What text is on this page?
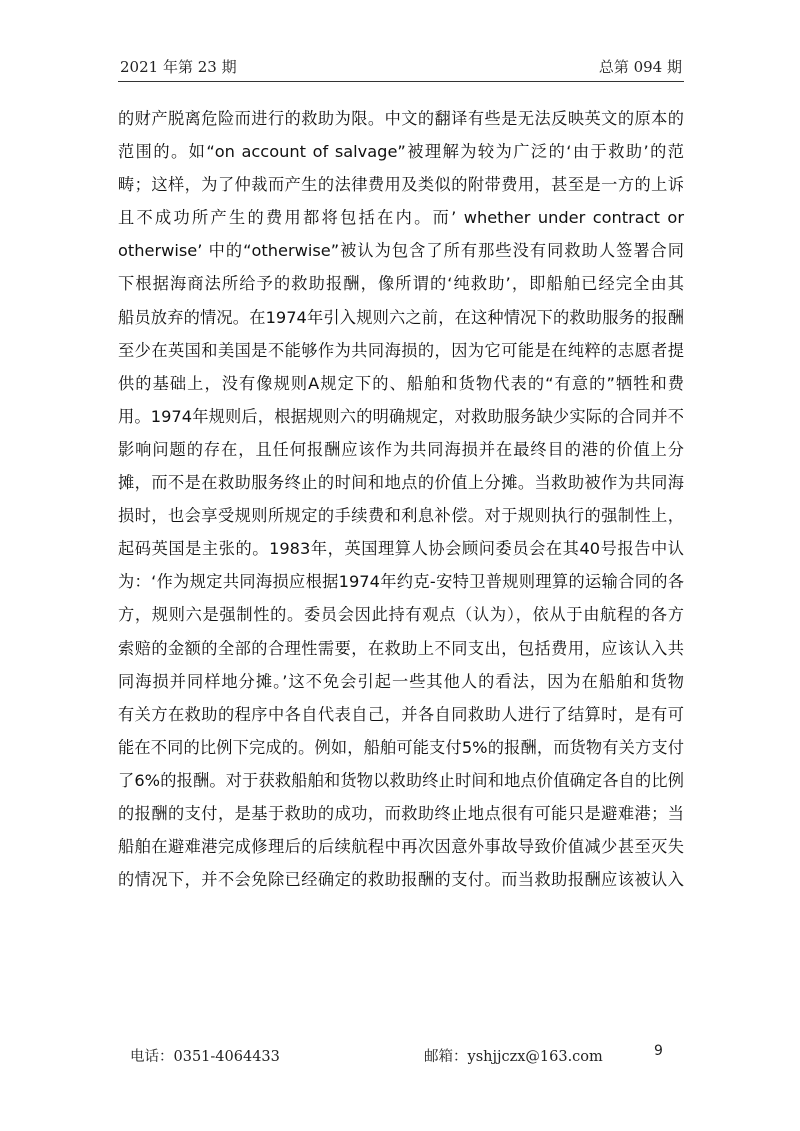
2021 年第 23 期	总第 094 期
的财产脱离危险而进行的救助为限。中文的翻译有些是无法反映英文的原本的
范围的。如“on account of salvage”被理解为较为广泛的‘由于救助’的范
畴；这样，为了仲裁而产生的法律费用及类似的附带费用，甚至是一方的上诉
且不成功所产生的费用都将包括在内。而’ whether under contract or
otherwise’ 中的“otherwise”被认为包含了所有那些没有同救助人签署合同
下根据海商法所给予的救助报酬，像所谓的‘纯救助’，即船舶已经完全由其
船员放弃的情况。在1974年引入规则六之前，在这种情况下的救助服务的报酬
至少在英国和美国是不能够作为共同海损的，因为它可能是在纯粹的志愿者提
供的基础上，没有像规则A规定下的、船舶和货物代表的“有意的”牺牲和费
用。1974年规则后，根据规则六的明确规定，对救助服务缺少实际的合同并不
影响问题的存在，且任何报酬应该作为共同海损并在最终目的港的价值上分
摊，而不是在救助服务终止的时间和地点的价值上分摊。当救助被作为共同海
损时，也会享受规则所规定的手续费和利息补偿。对于规则执行的强制性上，
起码英国是主张的。1983年，英国理算人协会顾问委员会在其40号报告中认
为：‘作为规定共同海损应根据1974年约克-安特卫普规则理算的运输合同的各
方，规则六是强制性的。委员会因此持有观点（认为），依从于由航程的各方
索赔的金额的全部的合理性需要，在救助上不同支出，包括费用，应该认入共
同海损并同样地分摊。’这不免会引起一些其他人的看法，因为在船舶和货物
有关方在救助的程序中各自代表自己，并各自同救助人进行了结算时，是有可
能在不同的比例下完成的。例如，船舶可能支付5%的报酬，而货物有关方支付
了6%的报酬。对于获救船舶和货物以救助终止时间和地点价值确定各自的比例
的报酬的支付，是基于救助的成功，而救助终止地点很有可能只是避难港；当
船舶在避难港完成修理后的后续航程中再次因意外事故导致价值减少甚至灭失
的情况下，并不会免除已经确定的救助报酬的支付。而当救助报酬应该被认入
电话：0351-4064433	邮箱：yshjjczx@163.com	9
